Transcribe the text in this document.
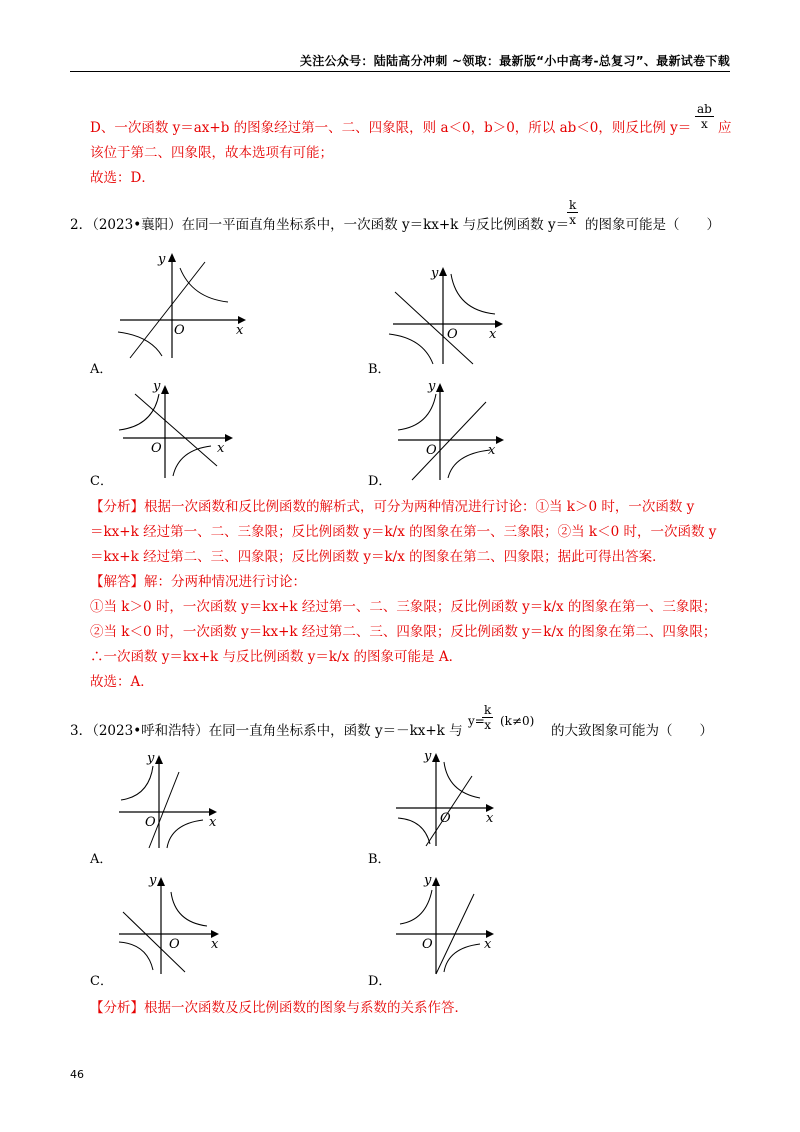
关注公众号：陆陆高分冲刺 ~领取：最新版“小中高考-总复习”、最新试卷下载
D、一次函数 y＝ax+b 的图象经过第一、二、四象限，则 a＜0，b＞0，所以 ab＜0，则反比例 $y= \frac{ab}{x}$ 应
该位于第二、四象限，故本选项有可能；
故选：D．
2．（2023•襄阳）在同一平面直角坐标系中，一次函数 y＝kx+k 与反比例函数 y＝
$\frac{k}{x}$ 的图象可能是（　　）
x
y
O
A．
x
y
O
B．
x
y
O
C．
x
y
O
D．
【分析】根据一次函数和反比例函数的解析式，可分为两种情况进行讨论：①当 k＞0 时，一次函数 y
＝kx+k 经过第一、二、三象限；反比例函数 y＝k/x 的图象在第一、三象限；②当 k＜0 时，一次函数 y
＝kx+k 经过第二、三、四象限；反比例函数 y＝k/x 的图象在第二、四象限；据此可得出答案．
【解答】解：分两种情况进行讨论：
①当 k＞0 时，一次函数 y＝kx+k 经过第一、二、三象限；反比例函数 y＝k/x 的图象在第一、三象限；
②当 k＜0 时，一次函数 y＝kx+k 经过第二、三、四象限；反比例函数 y＝k/x 的图象在第二、四象限；
∴一次函数 y＝kx+k 与反比例函数 y＝k/x 的图象可能是 A．
故选：A．
3．（2023•呼和浩特）在同一直角坐标系中，函数 y＝－kx+k 与
y=
$\frac{k}{x} (k\ne 0)$
的大致图象可能为（　　）
x
y
O
A．
x
y
O
B．
x
y
O
C．
x
y
O
D．
【分析】根据一次函数及反比例函数的图象与系数的关系作答．
46
